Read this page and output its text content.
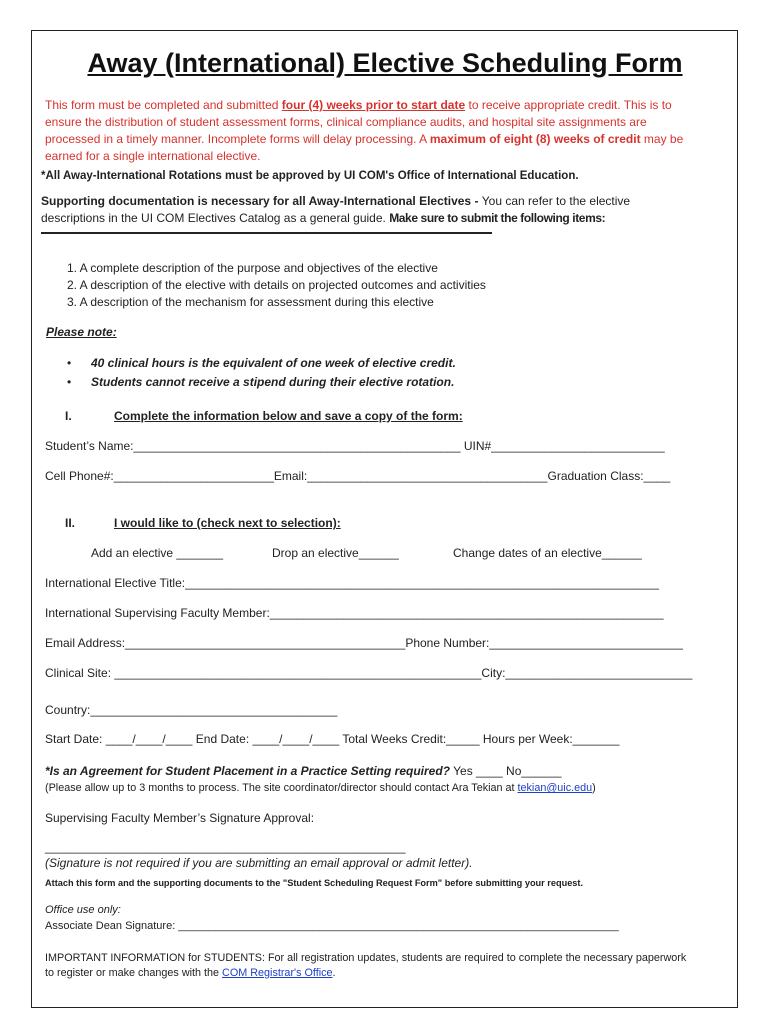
Away (International) Elective Scheduling Form
This form must be completed and submitted four (4) weeks prior to start date to receive appropriate credit. This is to
ensure the distribution of student assessment forms, clinical compliance audits, and hospital site assignments are
processed in a timely manner. Incomplete forms will delay processing. A maximum of eight (8) weeks of credit may be
earned for a single international elective.
*All Away-International Rotations must be approved by UI COM's Office of International Education.
Supporting documentation is necessary for all Away-International Electives - You can refer to the elective
descriptions in the UI COM Electives Catalog as a general guide. Make sure to submit the following items:
1. A complete description of the purpose and objectives of the elective
2. A description of the elective with details on projected outcomes and activities
3. A description of the mechanism for assessment during this elective
Please note:
• 40 clinical hours is the equivalent of one week of elective credit.
• Students cannot receive a stipend during their elective rotation.
I.	Complete the information below and save a copy of the form:
Student’s Name:_________________________________________________ UIN#__________________________
Cell Phone#:________________________Email:____________________________________Graduation Class:____
II.	I would like to (check next to selection):
Add an elective _______	Drop an elective______	Change dates of an elective______
International Elective Title:_______________________________________________________________________
International Supervising Faculty Member:___________________________________________________________
Email Address:__________________________________________Phone Number:_____________________________
Clinical Site: _______________________________________________________City:____________________________
Country:_____________________________________
Start Date: ____/____/____ End Date: ____/____/____ Total Weeks Credit:_____ Hours per Week:_______
*Is an Agreement for Student Placement in a Practice Setting required? Yes ____ No______
(Please allow up to 3 months to process. The site coordinator/director should contact Ara Tekian at tekian@uic.edu)
Supervising Faculty Member’s Signature Approval:
______________________________________________________
(Signature is not required if you are submitting an email approval or admit letter).
Attach this form and the supporting documents to the "Student Scheduling Request Form" before submitting your request.
Office use only:
Associate Dean Signature: ________________________________________________________________________
IMPORTANT INFORMATION for STUDENTS: For all registration updates, students are required to complete the necessary paperwork
to register or make changes with the COM Registrar's Office.
